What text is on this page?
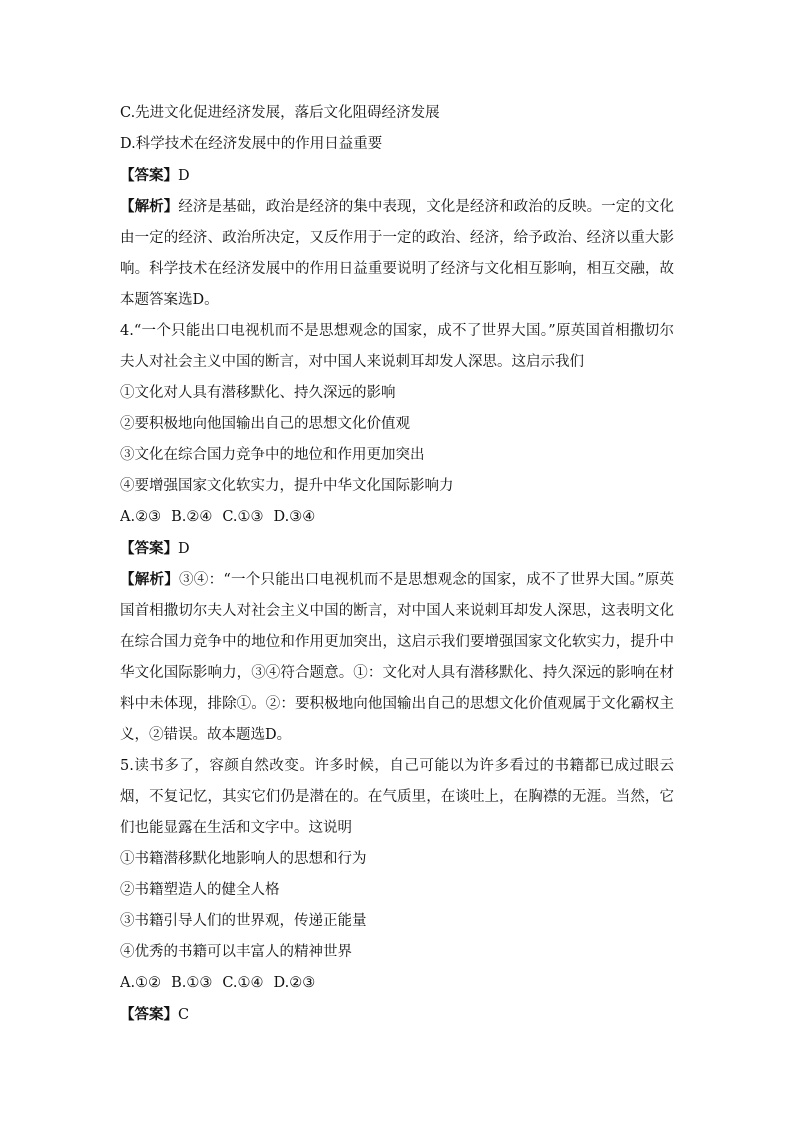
C.先进文化促进经济发展，落后文化阻碍经济发展
D.科学技术在经济发展中的作用日益重要
【答案】D
【解析】经济是基础，政治是经济的集中表现，文化是经济和政治的反映。一定的文化由一定的经济、政治所决定，又反作用于一定的政治、经济，给予政治、经济以重大影响。科学技术在经济发展中的作用日益重要说明了经济与文化相互影响，相互交融，故本题答案选D。
4.“一个只能出口电视机而不是思想观念的国家，成不了世界大国。”原英国首相撒切尔夫人对社会主义中国的断言，对中国人来说刺耳却发人深思。这启示我们
①文化对人具有潜移默化、持久深远的影响
②要积极地向他国输出自己的思想文化价值观
③文化在综合国力竞争中的地位和作用更加突出
④要增强国家文化软实力，提升中华文化国际影响力
A.②③ B.②④ C.①③ D.③④
【答案】D
【解析】③④：“一个只能出口电视机而不是思想观念的国家，成不了世界大国。”原英国首相撒切尔夫人对社会主义中国的断言，对中国人来说刺耳却发人深思，这表明文化在综合国力竞争中的地位和作用更加突出，这启示我们要增强国家文化软实力，提升中华文化国际影响力，③④符合题意。①：文化对人具有潜移默化、持久深远的影响在材料中未体现，排除①。②：要积极地向他国输出自己的思想文化价值观属于文化霸权主义，②错误。故本题选D。
5.读书多了，容颜自然改变。许多时候，自己可能以为许多看过的书籍都已成过眼云烟，不复记忆，其实它们仍是潜在的。在气质里，在谈吐上，在胸襟的无涯。当然，它们也能显露在生活和文字中。这说明
①书籍潜移默化地影响人的思想和行为
②书籍塑造人的健全人格
③书籍引导人们的世界观，传递正能量
④优秀的书籍可以丰富人的精神世界
A.①② B.①③ C.①④ D.②③
【答案】C
